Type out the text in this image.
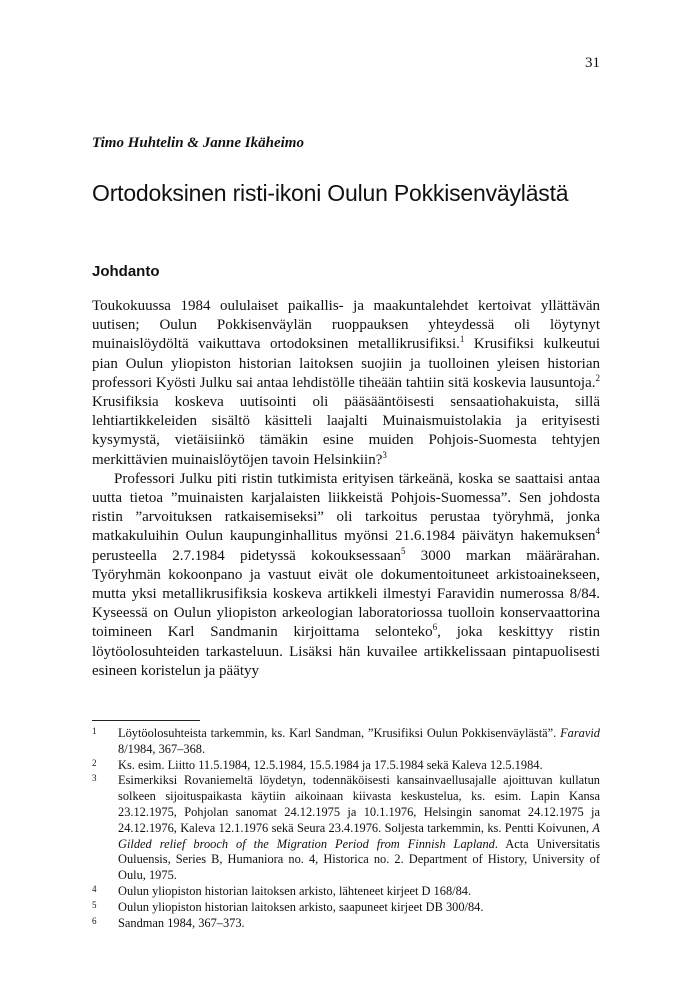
31
Timo Huhtelin & Janne Ikäheimo
Ortodoksinen risti-ikoni Oulun Pokkisenväylästä
Johdanto

Toukokuussa 1984 oululaiset paikallis- ja maakuntalehdet kertoivat yllättävän uutisen; Oulun Pokkisenväylän ruoppauksen yhteydessä oli löytynyt muinaislöydöltä vaikuttava ortodoksinen metallikrusifiksi.$^1$ Krusifiksi kulkeutui pian Oulun yliopiston historian laitoksen suojiin ja tuolloinen yleisen historian professori Kyösti Julku sai antaa lehdistölle tiheään tahtiin sitä koskevia lausuntoja.$^2$ Krusifiksia koskeva uutisointi oli pääsääntöisesti sensaatiohakuista, sillä lehtiartikkeleiden sisältö käsitteli laajalti Muinaismuistolakia ja erityisesti kysymystä, vietäisiinkö tämäkin esine muiden Pohjois-Suomesta tehtyjen merkittävien muinaislöytöjen tavoin Helsinkiin?$^3$

Professori Julku piti ristin tutkimista erityisen tärkeänä, koska se saattaisi antaa uutta tietoa ”muinaisten karjalaisten liikkeistä Pohjois-Suomessa”. Sen johdosta ristin ”arvoituksen ratkaisemiseksi” oli tarkoitus perustaa työryhmä, jonka matkakuluihin Oulun kaupunginhallitus myönsi 21.6.1984 päivätyn hakemuksen$^4$ perusteella 2.7.1984 pidetyssä kokouksessaan$^5$ 3000 markan määrärahan. Työryhmän kokoonpano ja vastuut eivät ole dokumentoituneet arkistoainekseen, mutta yksi metallikrusifiksia koskeva artikkeli ilmestyi Faravidin numerossa 8/84. Kyseessä on Oulun yliopiston arkeologian laboratoriossa tuolloin konservaattorina toimineen Karl Sandmanin kirjoittama selonteko$^6$, joka keskittyy ristin löytöolosuhteiden tarkasteluun. Lisäksi hän kuvailee artikkelissaan pintapuolisesti esineen koristelun ja päätyy

1 Löytöolosuhteista tarkemmin, ks. Karl Sandman, ”Krusifiksi Oulun Pokkisenväylästä”. Faravid 8/1984, 367–368.
2 Ks. esim. Liitto 11.5.1984, 12.5.1984, 15.5.1984 ja 17.5.1984 sekä Kaleva 12.5.1984.
3 Esimerkiksi Rovaniemeltä löydetyn, todennäköisesti kansainvaellusajalle ajoittuvan kullatun solkeen sijoituspaikasta käytiin aikoinaan kiivasta keskustelua, ks. esim. Lapin Kansa 23.12.1975, Pohjolan sanomat 24.12.1975 ja 10.1.1976, Helsingin sanomat 24.12.1975 ja 24.12.1976, Kaleva 12.1.1976 sekä Seura 23.4.1976. Soljesta tarkemmin, ks. Pentti Koivunen, A Gilded relief brooch of the Migration Period from Finnish Lapland. Acta Universitatis Ouluensis, Series B, Humaniora no. 4, Historica no. 2. Department of History, University of Oulu, 1975.
4 Oulun yliopiston historian laitoksen arkisto, lähteneet kirjeet D 168/84.
5 Oulun yliopiston historian laitoksen arkisto, saapuneet kirjeet DB 300/84.
6 Sandman 1984, 367–373.
